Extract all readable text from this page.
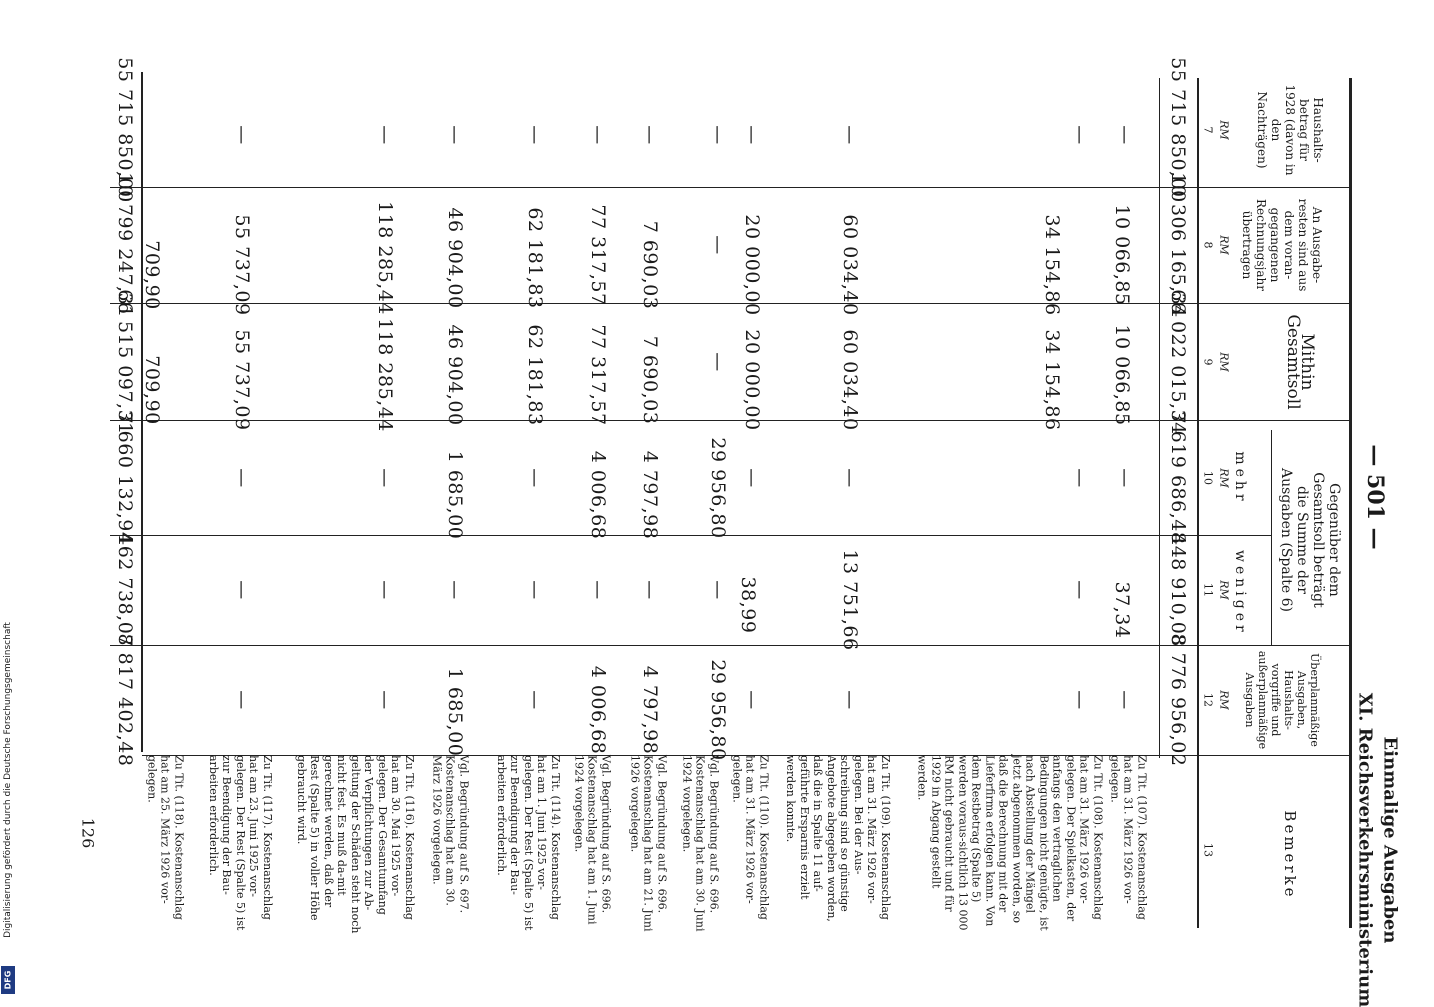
— 501 —
Einmalige Ausgaben
XI. Reichsverkehrsministerium
Haushalts-betrag für 1928 (davon in den Nachträgen)
An Ausgabe-resten sind aus dem voran-gegangenen Rechnungsjahr übertragen
Mithin Gesamtsoll
Gegenüber dem Gesamtsoll beträgt die Summe der Ausgaben (Spalte 6)
mehr
weniger
Überplanmäßige Ausgaben, Haushalts-vorgriffe und außerplanmäßige Ausgaben
Bemerke
RM
RM
RM
RM
RM
RM
7
8
9
10
11
12
13
55 715 850,00
10 306 165,34
66 022 015,34
7 619 686,48
448 910,08
8 776 956,02
—
10 066,85
10 066,85
—
37,34
—
—
34 154,86
34 154,86
—
—
—
—
60 034,40
60 034,40
—
13 751,66
—
—
20 000,00
20 000,00
—
38,99
—
—
—
—
29 956,80
—
29 956,80
—
7 690,03
7 690,03
4 797,98
—
4 797,98
—
77 317,57
77 317,57
4 006,68
—
4 006,68
—
62 181,83
62 181,83
—
—
—
—
46 904,00
46 904,00
1 685,00
—
1 685,00
—
118 285,44
118 285,44
—
—
—
—
55 737,09
55 737,09
—
—
—
709,90
709,90
55 715 850,00
10 799 247,31
66 515 097,31
7 660 132,94
462 738,07
8 817 402,48
Zu Tit. (107). Kostenanschlag hat am 31. März 1926 vor-gelegen.
Zu Tit. (108). Kostenanschlag hat am 31. März 1926 vor-gelegen. Der Spielkasten, der anfangs den vertraglichen Bedingungen nicht genügte, ist nach Abstellung der Mängel jetzt abgenommen worden, so daß die Berechnung mit der Lieferfirma erfolgen kann. Von dem Restbetrag (Spalte 5) werden voraus-sichtlich 13 000 RM nicht gebraucht und für 1929 in Abgang gestellt werden.
Zu Tit. (109). Kostenanschlag hat am 31. März 1926 vor-gelegen. Bei der Aus-schreibung sind so günstige Angebote abgegeben worden, daß die in Spalte 11 auf-geführte Ersparnis erzielt werden konnte.
Zu Tit. (110). Kostenanschlag hat am 31. März 1926 vor-gelegen.
Vgl. Begründung auf S. 696. Kostenanschlag hat am 30. Juni 1924 vorgelegen.
Vgl. Begründung auf S. 696. Kostenanschlag hat am 21. Juni 1926 vorgelegen.
Vgl. Begründung auf S. 696. Kostenanschlag hat am 1. Juni 1924 vorgelegen.
Zu Tit. (114). Kostenanschlag hat am 1. Juni 1925 vor-gelegen. Der Rest (Spalte 5) ist zur Beendigung der Bau-arbeiten erforderlich.
Vgl. Begründung auf S. 697. Kostenanschlag hat am 30. März 1926 vorgelegen.
Zu Tit. (116). Kostenanschlag hat am 30. Mai 1925 vor-gelegen. Der Gesamtumfang der Verpflichtungen zur Ab-geltung der Schäden steht noch nicht fest. Es muß da-mit gerechnet werden, daß der Rest (Spalte 5) in voller Höhe gebraucht wird.
Zu Tit. (117). Kostenanschlag hat am 23. Juni 1925 vor-gelegen. Der Rest (Spalte 5) ist zur Beendigung der Bau-arbeiten erforderlich.
Zu Tit. (118). Kostenanschlag hat am 25. März 1926 vor-gelegen.
126
Digitalisierung gefördert durch die Deutsche Forschungsgemeinschaft
DFG
